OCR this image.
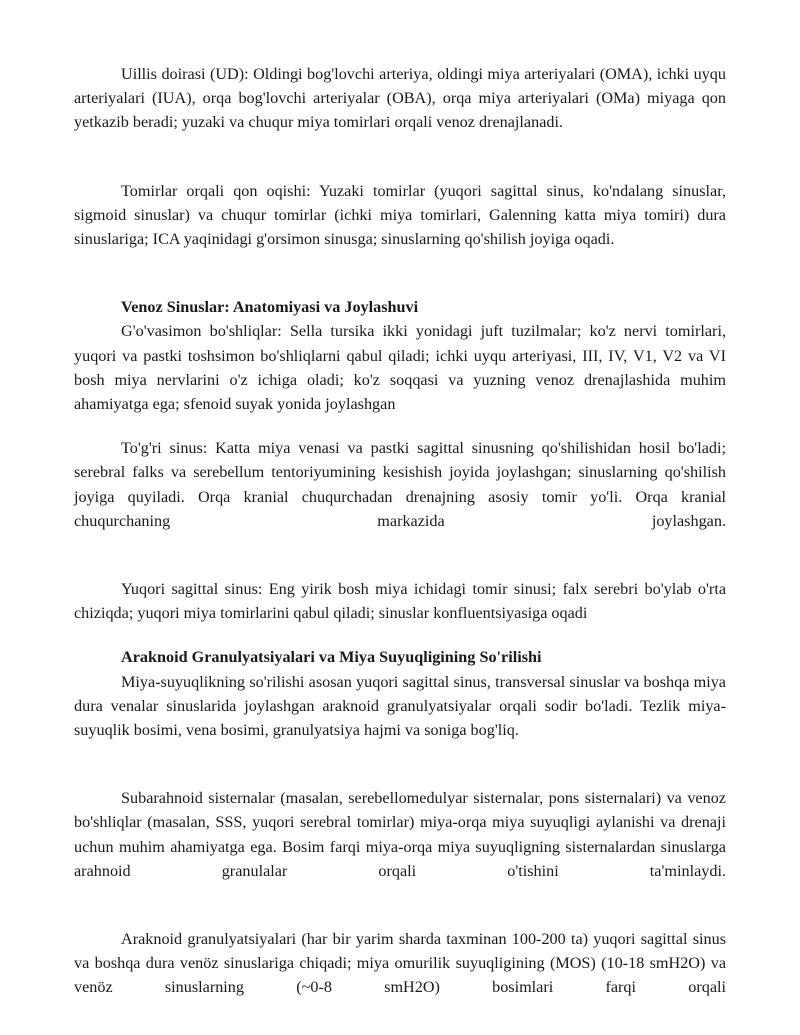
Uillis doirasi (UD): Oldingi bog'lovchi arteriya, oldingi miya arteriyalari (OMA), ichki uyqu arteriyalari (IUA), orqa bog'lovchi arteriyalar (OBA), orqa miya arteriyalari (OMa) miyaga qon yetkazib beradi; yuzaki va chuqur miya tomirlari orqali venoz drenajlanadi.

Tomirlar orqali qon oqishi: Yuzaki tomirlar (yuqori sagittal sinus, ko'ndalang sinuslar, sigmoid sinuslar) va chuqur tomirlar (ichki miya tomirlari, Galenning katta miya tomiri) dura sinuslariga; ICA yaqinidagi g'orsimon sinusga; sinuslarning qo'shilish joyiga oqadi.

Venoz Sinuslar: Anatomiyasi va Joylashuvi

G'o'vasimon bo'shliqlar: Sella tursika ikki yonidagi juft tuzilmalar; ko'z nervi tomirlari, yuqori va pastki toshsimon bo'shliqlarni qabul qiladi; ichki uyqu arteriyasi, III, IV, V1, V2 va VI bosh miya nervlarini o'z ichiga oladi; ko'z soqqasi va yuzning venoz drenajlashida muhim ahamiyatga ega; sfenoid suyak yonida joylashgan

To'g'ri sinus: Katta miya venasi va pastki sagittal sinusning qo'shilishidan hosil bo'ladi; serebral falks va serebellum tentoriyumining kesishish joyida joylashgan; sinuslarning qo'shilish joyiga quyiladi. Orqa kranial chuqurchadan drenajning asosiy tomir yo'li. Orqa kranial chuqurchaning markazida joylashgan.

Yuqori sagittal sinus: Eng yirik bosh miya ichidagi tomir sinusi; falx serebri bo'ylab o'rta chiziqda; yuqori miya tomirlarini qabul qiladi; sinuslar konfluentsiyasiga oqadi

Araknoid Granulyatsiyalari va Miya Suyuqligining So'rilishi

Miya-suyuqlikning so'rilishi asosan yuqori sagittal sinus, transversal sinuslar va boshqa miya dura venalar sinuslarida joylashgan araknoid granulyatsiyalar orqali sodir bo'ladi. Tezlik miya-suyuqlik bosimi, vena bosimi, granulyatsiya hajmi va soniga bog'liq.

Subarahnoid sisternalar (masalan, serebellomedulyar sisternalar, pons sisternalari) va venoz bo'shliqlar (masalan, SSS, yuqori serebral tomirlar) miya-orqa miya suyuqligi aylanishi va drenaji uchun muhim ahamiyatga ega. Bosim farqi miya-orqa miya suyuqligning sisternalardan sinuslarga arahnoid granulalar orqali o'tishini ta'minlaydi.

Araknoid granulyatsiyalari (har bir yarim sharda taxminan 100-200 ta) yuqori sagittal sinus va boshqa dura venöz sinuslariga chiqadi; miya omurilik suyuqligining (MOS) (10-18 smH2O) va venöz sinuslarning (~0-8 smH2O) bosimlari farqi orqali
